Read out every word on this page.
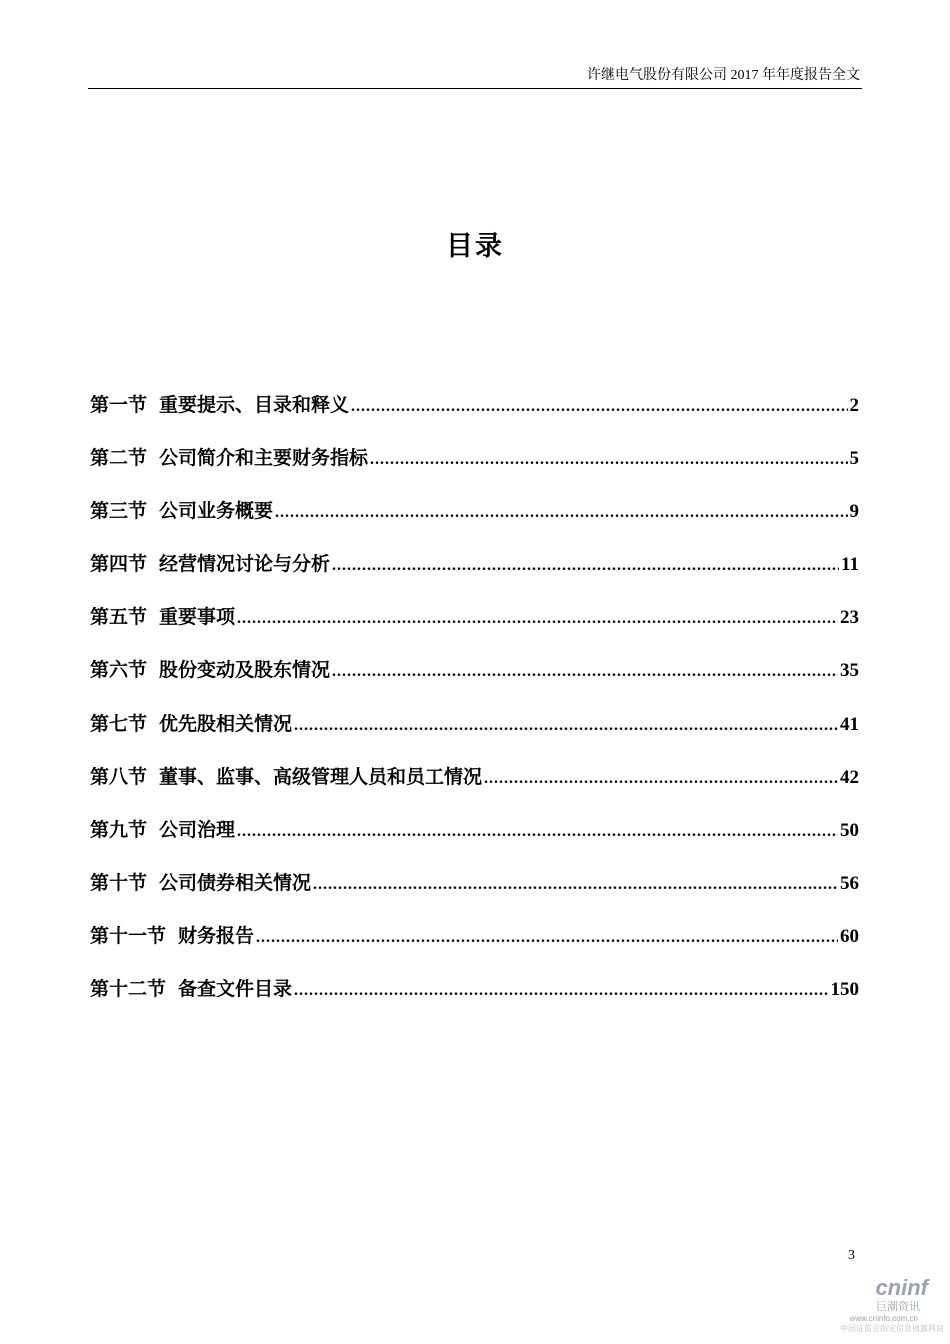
许继电气股份有限公司 2017 年年度报告全文
目录
第一节 重要提示、目录和释义 .....	2
第二节 公司简介和主要财务指标 .....	5
第三节 公司业务概要 .....	9
第四节 经营情况讨论与分析 .....	11
第五节 重要事项 .....	23
第六节 股份变动及股东情况 .....	35
第七节 优先股相关情况 .....	41
第八节 董事、监事、高级管理人员和员工情况 .....	42
第九节 公司治理 .....	50
第十节 公司债券相关情况 .....	56
第十一节 财务报告 .....	60
第十二节 备查文件目录 .....	150
3
cninf
巨潮资讯
www.cninfo.com.cn
中国证监会指定信息披露网站
